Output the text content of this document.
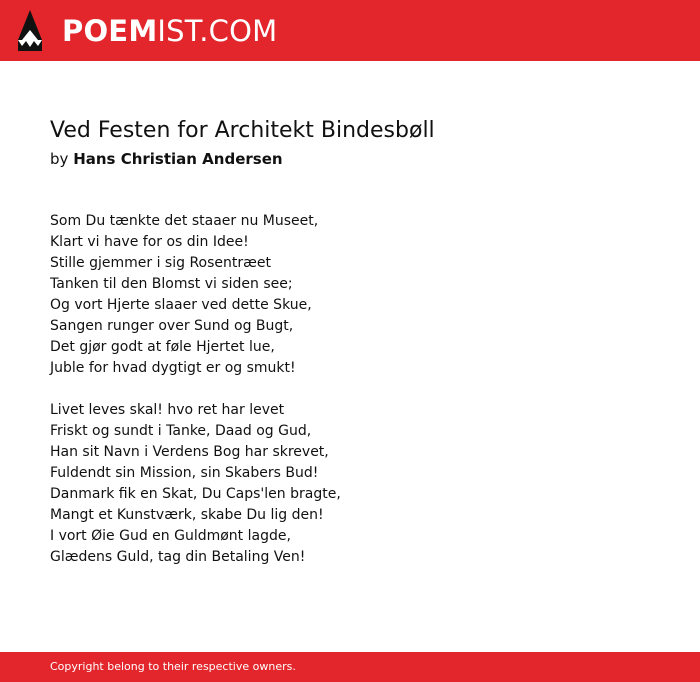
POEMIST.COM
Ved Festen for Architekt Bindesbøll

by Hans Christian Andersen

Som Du tænkte det staaer nu Museet,
Klart vi have for os din Idee!
Stille gjemmer i sig Rosentræet
Tanken til den Blomst vi siden see;
Og vort Hjerte slaaer ved dette Skue,
Sangen runger over Sund og Bugt,
Det gjør godt at føle Hjertet lue,
Juble for hvad dygtigt er og smukt!
Livet leves skal! hvo ret har levet
Friskt og sundt i Tanke, Daad og Gud,
Han sit Navn i Verdens Bog har skrevet,
Fuldendt sin Mission, sin Skabers Bud!
Danmark fik en Skat, Du Caps'len bragte,
Mangt et Kunstværk, skabe Du lig den!
I vort Øie Gud en Guldmønt lagde,
Glædens Guld, tag din Betaling Ven!
Copyright belong to their respective owners.
